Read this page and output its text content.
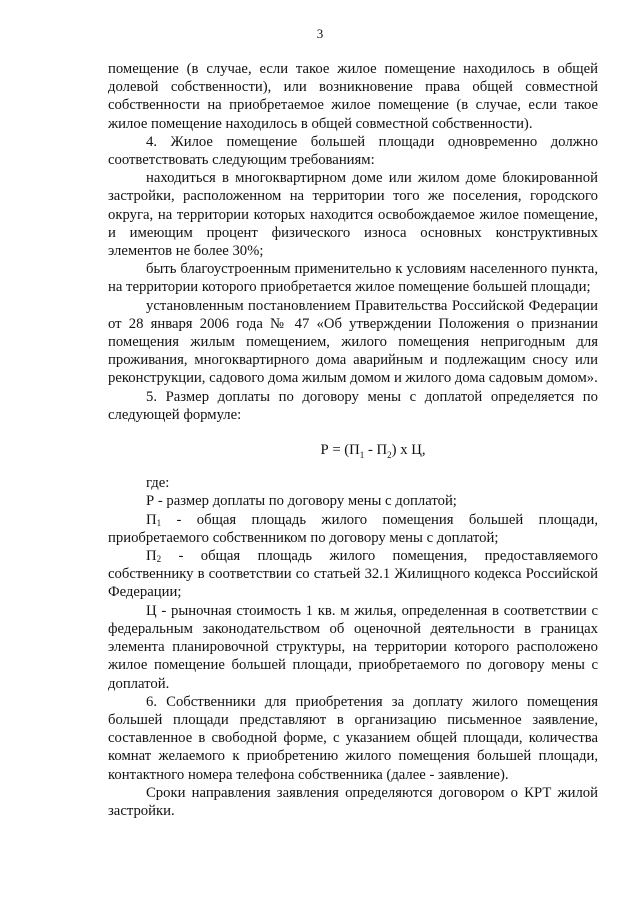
3

помещение (в случае, если такое жилое помещение находилось в общей долевой собственности), или возникновение права общей совместной собственности на приобретаемое жилое помещение (в случае, если такое жилое помещение находилось в общей совместной собственности).

4. Жилое помещение большей площади одновременно должно соответствовать следующим требованиям:

находиться в многоквартирном доме или жилом доме блокированной застройки, расположенном на территории того же поселения, городского округа, на территории которых находится освобождаемое жилое помещение, и имеющим процент физического износа основных конструктивных элементов не более 30%;

быть благоустроенным применительно к условиям населенного пункта, на территории которого приобретается жилое помещение большей площади;

установленным постановлением Правительства Российской Федерации от 28 января 2006 года № 47 «Об утверждении Положения о признании помещения жилым помещением, жилого помещения непригодным для проживания, многоквартирного дома аварийным и подлежащим сносу или реконструкции, садового дома жилым домом и жилого дома садовым домом».

5. Размер доплаты по договору мены с доплатой определяется по следующей формуле:

$Р = (П_1 - П_2)$ х Ц,

где:

Р - размер доплаты по договору мены с доплатой;

П1 - общая площадь жилого помещения большей площади, приобретаемого собственником по договору мены с доплатой;

П2 - общая площадь жилого помещения, предоставляемого собственнику в соответствии со статьей 32.1 Жилищного кодекса Российской Федерации;

Ц - рыночная стоимость 1 кв. м жилья, определенная в соответствии с федеральным законодательством об оценочной деятельности в границах элемента планировочной структуры, на территории которого расположено жилое помещение большей площади, приобретаемого по договору мены с доплатой.

6. Собственники для приобретения за доплату жилого помещения большей площади представляют в организацию письменное заявление, составленное в свободной форме, с указанием общей площади, количества комнат желаемого к приобретению жилого помещения большей площади, контактного номера телефона собственника (далее - заявление).

Сроки направления заявления определяются договором о КРТ жилой застройки.
